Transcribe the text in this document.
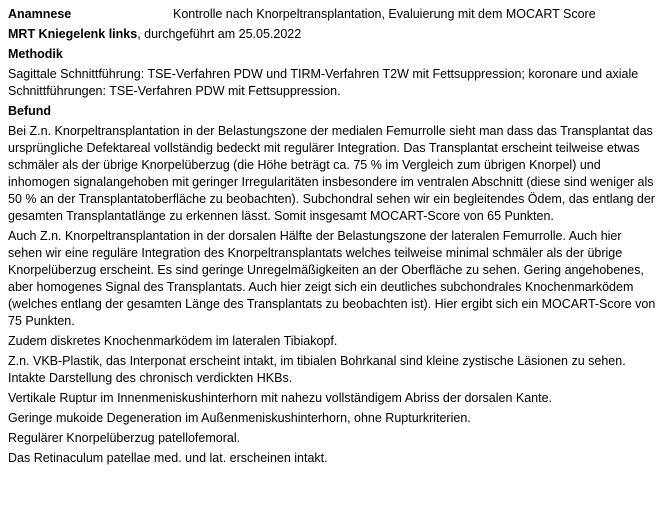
Anamnese	Kontrolle nach Knorpeltransplantation, Evaluierung mit dem MOCART Score
MRT Kniegelenk links, durchgeführt am 25.05.2022
Methodik

Sagittale Schnittführung: TSE-Verfahren PDW und TIRM-Verfahren T2W mit Fettsuppression; koronare und axiale Schnittführungen: TSE-Verfahren PDW mit Fettsuppression.

Befund

Bei Z.n. Knorpeltransplantation in der Belastungszone der medialen Femurrolle sieht man dass das Transplantat das ursprüngliche Defektareal vollständig bedeckt mit regulärer Integration. Das Transplantat erscheint teilweise etwas schmäler als der übrige Knorpelüberzug (die Höhe beträgt ca. 75 % im Vergleich zum übrigen Knorpel) und inhomogen signalangehoben mit geringer Irregularitäten insbesondere im ventralen Abschnitt (diese sind weniger als 50 % an der Transplantatoberfläche zu beobachten). Subchondral sehen wir ein begleitendes Ödem, das entlang der gesamten Transplantatlänge zu erkennen lässt. Somit insgesamt MOCART-Score von 65 Punkten.

Auch Z.n. Knorpeltransplantation in der dorsalen Hälfte der Belastungszone der lateralen Femurrolle. Auch hier sehen wir eine reguläre Integration des Knorpeltransplantats welches teilweise minimal schmäler als der übrige Knorpelüberzug erscheint. Es sind geringe Unregelmäßigkeiten an der Oberfläche zu sehen. Gering angehobenes, aber homogenes Signal des Transplantats. Auch hier zeigt sich ein deutliches subchondrales Knochenmarködem (welches entlang der gesamten Länge des Transplantats zu beobachten ist). Hier ergibt sich ein MOCART-Score von 75 Punkten.

Zudem diskretes Knochenmarködem im lateralen Tibiakopf.

Z.n. VKB-Plastik, das Interponat erscheint intakt, im tibialen Bohrkanal sind kleine zystische Läsionen zu sehen. Intakte Darstellung des chronisch verdickten HKBs.

Vertikale Ruptur im Innenmeniskushinterhorn mit nahezu vollständigem Abriss der dorsalen Kante.

Geringe mukoide Degeneration im Außenmeniskushinterhorn, ohne Rupturkriterien.

Regulärer Knorpelüberzug patellofemoral.

Das Retinaculum patellae med. und lat. erscheinen intakt.
